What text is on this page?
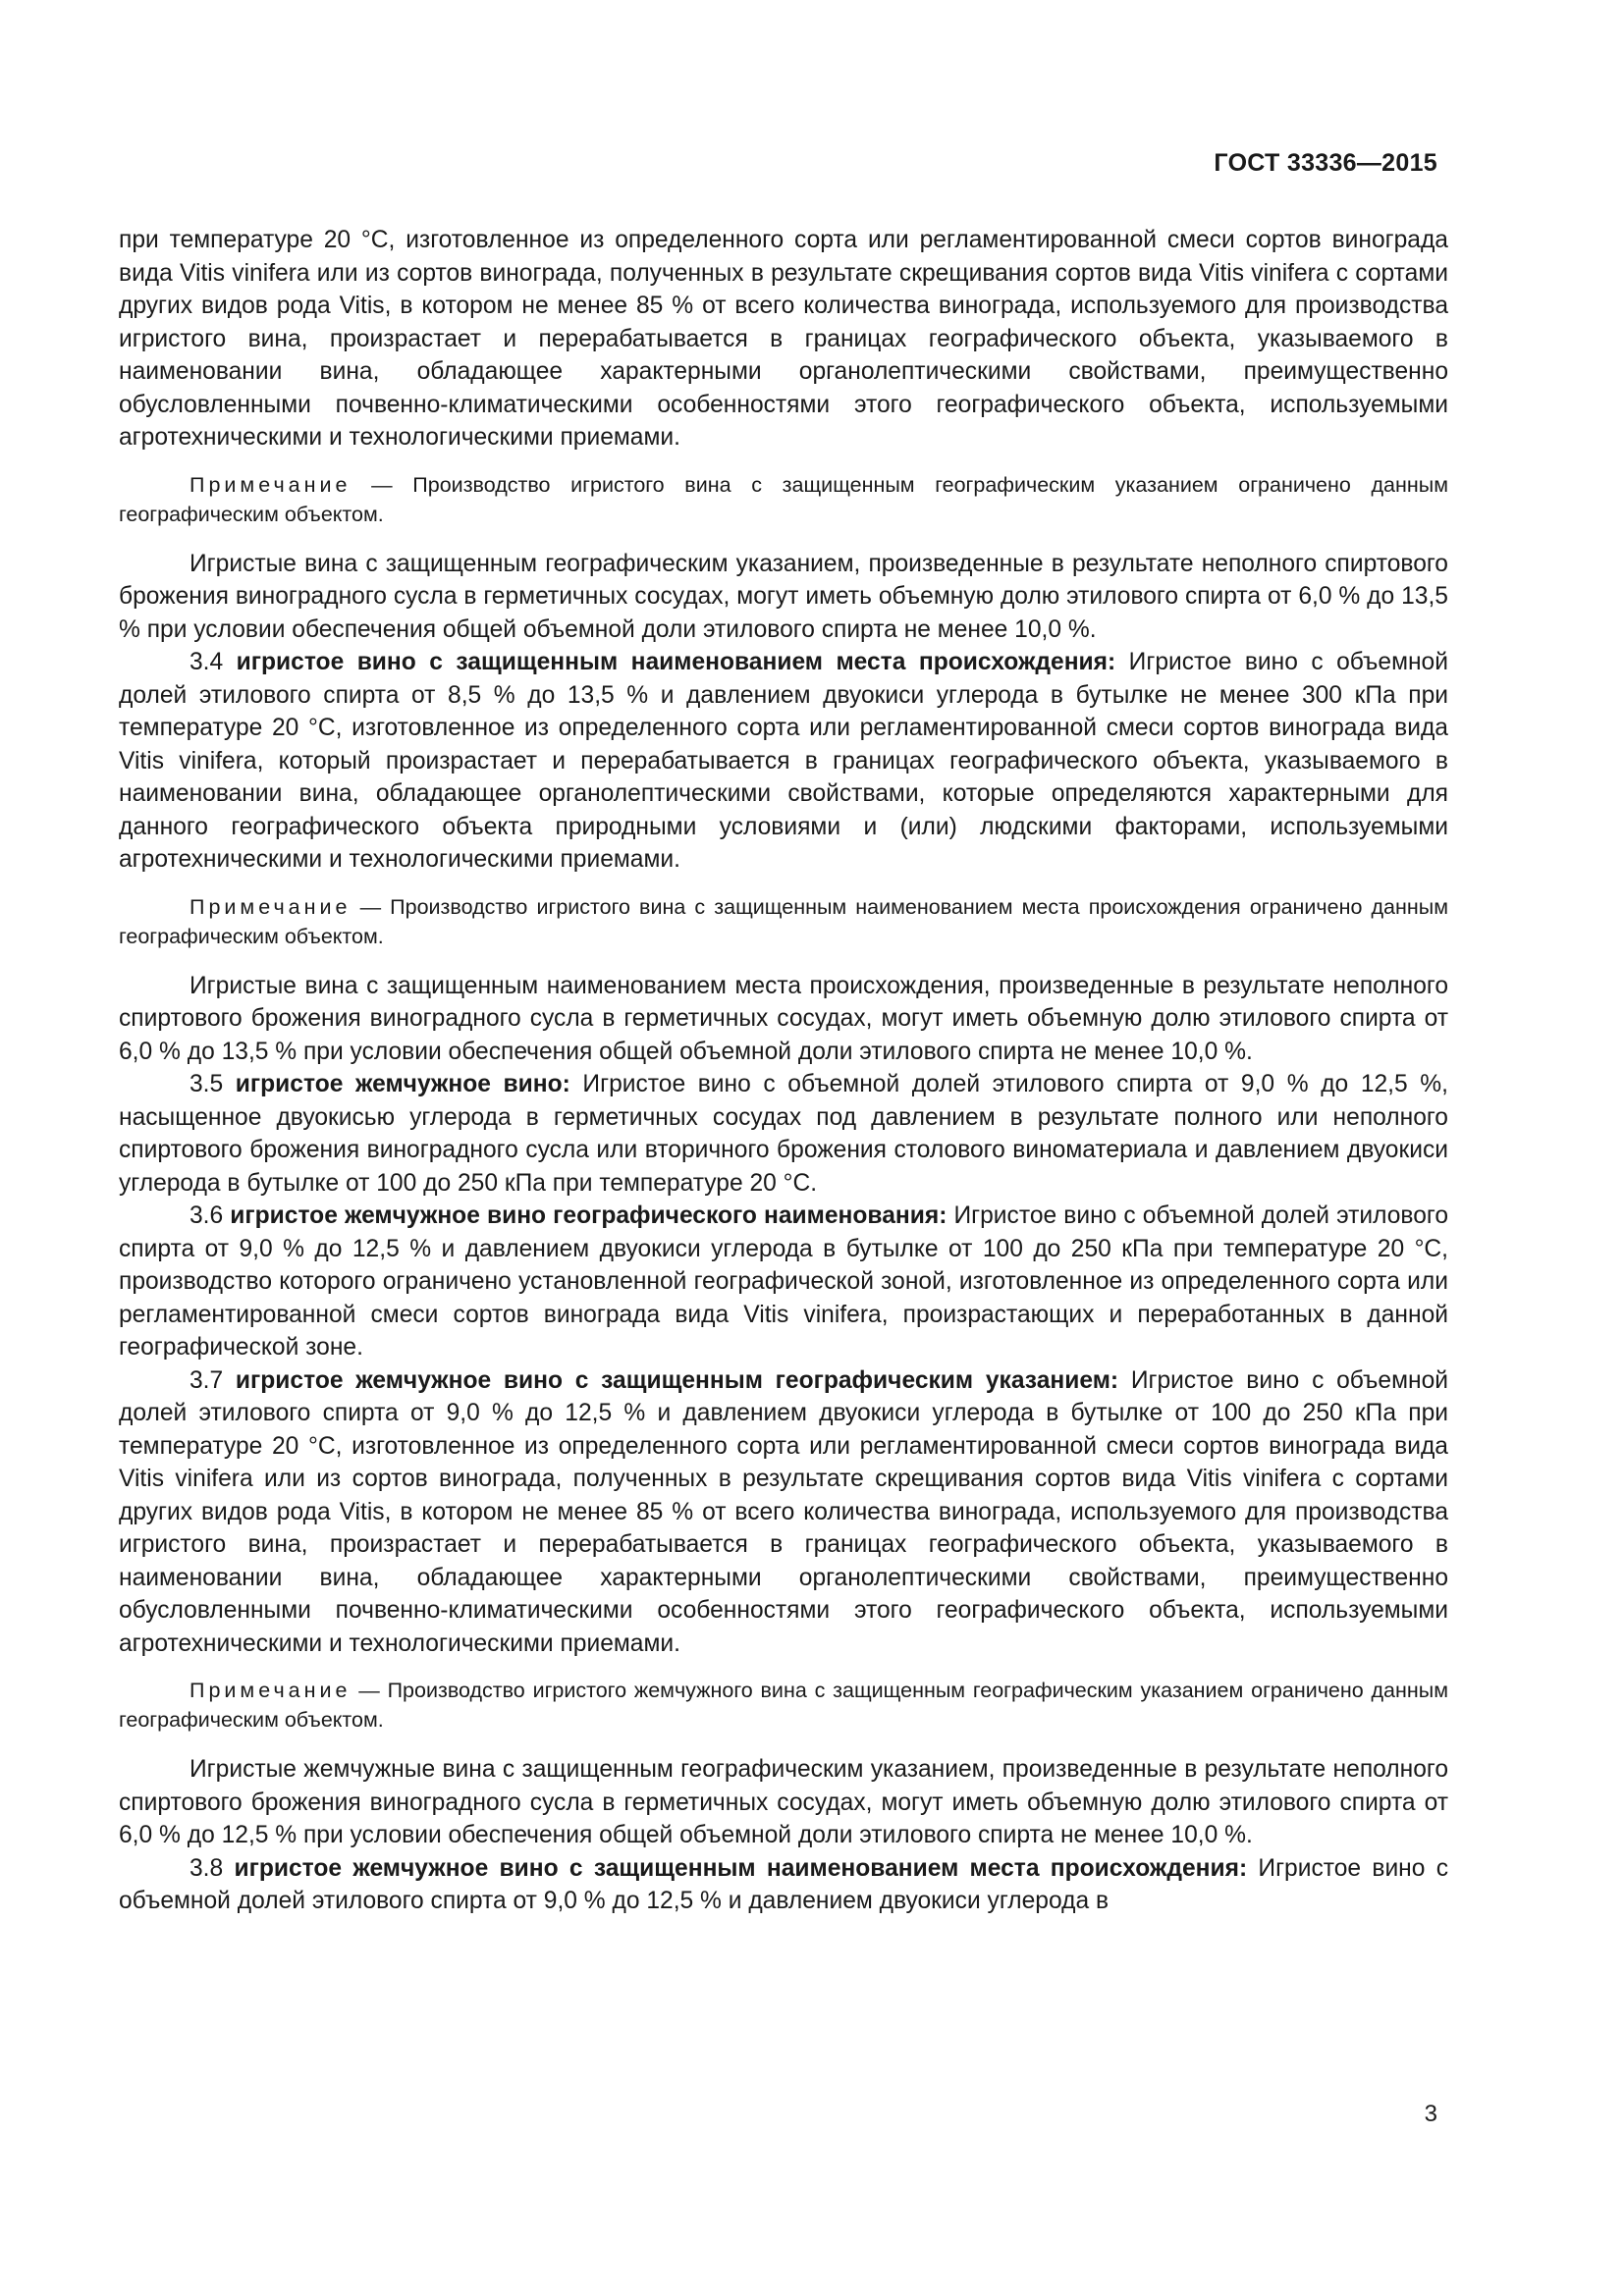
ГОСТ 33336—2015

при температуре 20 °С, изготовленное из определенного сорта или регламентированной смеси сортов винограда вида Vitis vinifera или из сортов винограда, полученных в результате скрещивания сортов вида Vitis vinifera с сортами других видов рода Vitis, в котором не менее 85 % от всего количества винограда, используемого для производства игристого вина, произрастает и перерабатывается в границах географического объекта, указываемого в наименовании вина, обладающее характерными органолептическими свойствами, преимущественно обусловленными почвенно-климатическими особенностями этого географического объекта, используемыми агротехническими и технологическими приемами.

Примечание — Производство игристого вина с защищенным географическим указанием ограничено данным географическим объектом.

Игристые вина с защищенным географическим указанием, произведенные в результате неполного спиртового брожения виноградного сусла в герметичных сосудах, могут иметь объемную долю этилового спирта от 6,0 % до 13,5 % при условии обеспечения общей объемной доли этилового спирта не менее 10,0 %.

3.4 игристое вино с защищенным наименованием места происхождения: Игристое вино с объемной долей этилового спирта от 8,5 % до 13,5 % и давлением двуокиси углерода в бутылке не менее 300 кПа при температуре 20 °С, изготовленное из определенного сорта или регламентированной смеси сортов винограда вида Vitis vinifera, который произрастает и перерабатывается в границах географического объекта, указываемого в наименовании вина, обладающее органолептическими свойствами, которые определяются характерными для данного географического объекта природными условиями и (или) людскими факторами, используемыми агротехническими и технологическими приемами.

Примечание — Производство игристого вина с защищенным наименованием места происхождения ограничено данным географическим объектом.

Игристые вина с защищенным наименованием места происхождения, произведенные в результате неполного спиртового брожения виноградного сусла в герметичных сосудах, могут иметь объемную долю этилового спирта от 6,0 % до 13,5 % при условии обеспечения общей объемной доли этилового спирта не менее 10,0 %.

3.5 игристое жемчужное вино: Игристое вино с объемной долей этилового спирта от 9,0 % до 12,5 %, насыщенное двуокисью углерода в герметичных сосудах под давлением в результате полного или неполного спиртового брожения виноградного сусла или вторичного брожения столового виноматериала и давлением двуокиси углерода в бутылке от 100 до 250 кПа при температуре 20 °С.

3.6 игристое жемчужное вино географического наименования: Игристое вино с объемной долей этилового спирта от 9,0 % до 12,5 % и давлением двуокиси углерода в бутылке от 100 до 250 кПа при температуре 20 °С, производство которого ограничено установленной географической зоной, изготовленное из определенного сорта или регламентированной смеси сортов винограда вида Vitis vinifera, произрастающих и переработанных в данной географической зоне.

3.7 игристое жемчужное вино с защищенным географическим указанием: Игристое вино с объемной долей этилового спирта от 9,0 % до 12,5 % и давлением двуокиси углерода в бутылке от 100 до 250 кПа при температуре 20 °С, изготовленное из определенного сорта или регламентированной смеси сортов винограда вида Vitis vinifera или из сортов винограда, полученных в результате скрещивания сортов вида Vitis vinifera с сортами других видов рода Vitis, в котором не менее 85 % от всего количества винограда, используемого для производства игристого вина, произрастает и перерабатывается в границах географического объекта, указываемого в наименовании вина, обладающее характерными органолептическими свойствами, преимущественно обусловленными почвенно-климатическими особенностями этого географического объекта, используемыми агротехническими и технологическими приемами.

Примечание — Производство игристого жемчужного вина с защищенным географическим указанием ограничено данным географическим объектом.

Игристые жемчужные вина с защищенным географическим указанием, произведенные в результате неполного спиртового брожения виноградного сусла в герметичных сосудах, могут иметь объемную долю этилового спирта от 6,0 % до 12,5 % при условии обеспечения общей объемной доли этилового спирта не менее 10,0 %.

3.8 игристое жемчужное вино с защищенным наименованием места происхождения: Игристое вино с объемной долей этилового спирта от 9,0 % до 12,5 % и давлением двуокиси углерода в

3
